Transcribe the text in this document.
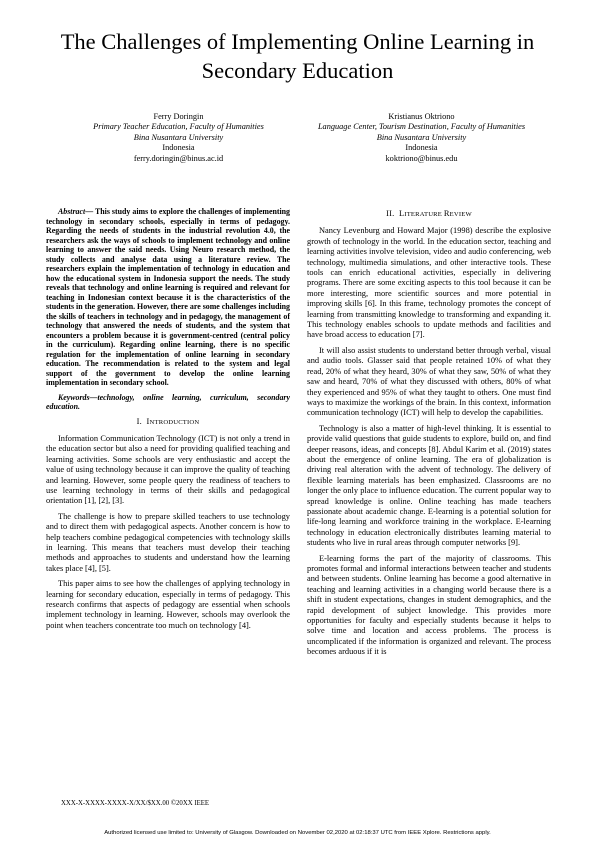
The Challenges of Implementing Online Learning in Secondary Education
Ferry Doringin
Primary Teacher Education, Faculty of Humanities
Bina Nusantara University
Indonesia
ferry.doringin@binus.ac.id
Kristianus Oktriono
Language Center, Tourism Destination, Faculty of Humanities
Bina Nusantara University
Indonesia
koktriono@binus.edu

Abstract— This study aims to explore the challenges of implementing technology in secondary schools, especially in terms of pedagogy. Regarding the needs of students in the industrial revolution 4.0, the researchers ask the ways of schools to implement technology and online learning to answer the said needs. Using Neuro research method, the study collects and analyse data using a literature review. The researchers explain the implementation of technology in education and how the educational system in Indonesia support the needs. The study reveals that technology and online learning is required and relevant for teaching in Indonesian context because it is the characteristics of the students in the generation. However, there are some challenges including the skills of teachers in technology and in pedagogy, the management of technology that answered the needs of students, and the system that encounters a problem because it is government-centred (central policy in the curriculum). Regarding online learning, there is no specific regulation for the implementation of online learning in secondary education. The recommendation is related to the system and legal support of the government to develop the online learning implementation in secondary school.

Keywords—technology, online learning, curriculum, secondary education.

I. INTRODUCTION

Information Communication Technology (ICT) is not only a trend in the education sector but also a need for providing qualified teaching and learning activities. Some schools are very enthusiastic and accept the value of using technology because it can improve the quality of teaching and learning. However, some people query the readiness of teachers to use learning technology in terms of their skills and pedagogical orientation [1], [2], [3].

The challenge is how to prepare skilled teachers to use technology and to direct them with pedagogical aspects. Another concern is how to help teachers combine pedagogical competencies with technology skills in learning. This means that teachers must develop their teaching methods and approaches to students and understand how the learning takes place [4], [5].

This paper aims to see how the challenges of applying technology in learning for secondary education, especially in terms of pedagogy. This research confirms that aspects of pedagogy are essential when schools implement technology in learning. However, schools may overlook the point when teachers concentrate too much on technology [4].

II. LITERATURE REVIEW

Nancy Levenburg and Howard Major (1998) describe the explosive growth of technology in the world. In the education sector, teaching and learning activities involve television, video and audio conferencing, web technology, multimedia simulations, and other interactive tools. These tools can enrich educational activities, especially in delivering programs. There are some exciting aspects to this tool because it can be more interesting, more scientific sources and more potential in improving skills [6]. In this frame, technology promotes the concept of learning from transmitting knowledge to transforming and expanding it. This technology enables schools to update methods and facilities and have broad access to education [7].

It will also assist students to understand better through verbal, visual and audio tools. Glasser said that people retained 10% of what they read, 20% of what they heard, 30% of what they saw, 50% of what they saw and heard, 70% of what they discussed with others, 80% of what they experienced and 95% of what they taught to others. One must find ways to maximize the workings of the brain. In this context, information communication technology (ICT) will help to develop the capabilities.

Technology is also a matter of high-level thinking. It is essential to provide valid questions that guide students to explore, build on, and find deeper reasons, ideas, and concepts [8]. Abdul Karim et al. (2019) states about the emergence of online learning. The era of globalization is driving real alteration with the advent of technology. The delivery of flexible learning materials has been emphasized. Classrooms are no longer the only place to influence education. The current popular way to spread knowledge is online. Online teaching has made teachers passionate about academic change. E-learning is a potential solution for life-long learning and workforce training in the workplace. E-learning technology in education electronically distributes learning material to students who live in rural areas through computer networks [9].

E-learning forms the part of the majority of classrooms. This promotes formal and informal interactions between teacher and students and between students. Online learning has become a good alternative in teaching and learning activities in a changing world because there is a shift in student expectations, changes in student demographics, and the rapid development of subject knowledge. This provides more opportunities for faculty and especially students because it helps to solve time and location and access problems. The process is uncomplicated if the information is organized and relevant. The process becomes arduous if it is

XXX-X-XXXX-XXXX-X/XX/$XX.00 ©20XX IEEE
Authorized licensed use limited to: University of Glasgow. Downloaded on November 02,2020 at 02:18:37 UTC from IEEE Xplore. Restrictions apply.
